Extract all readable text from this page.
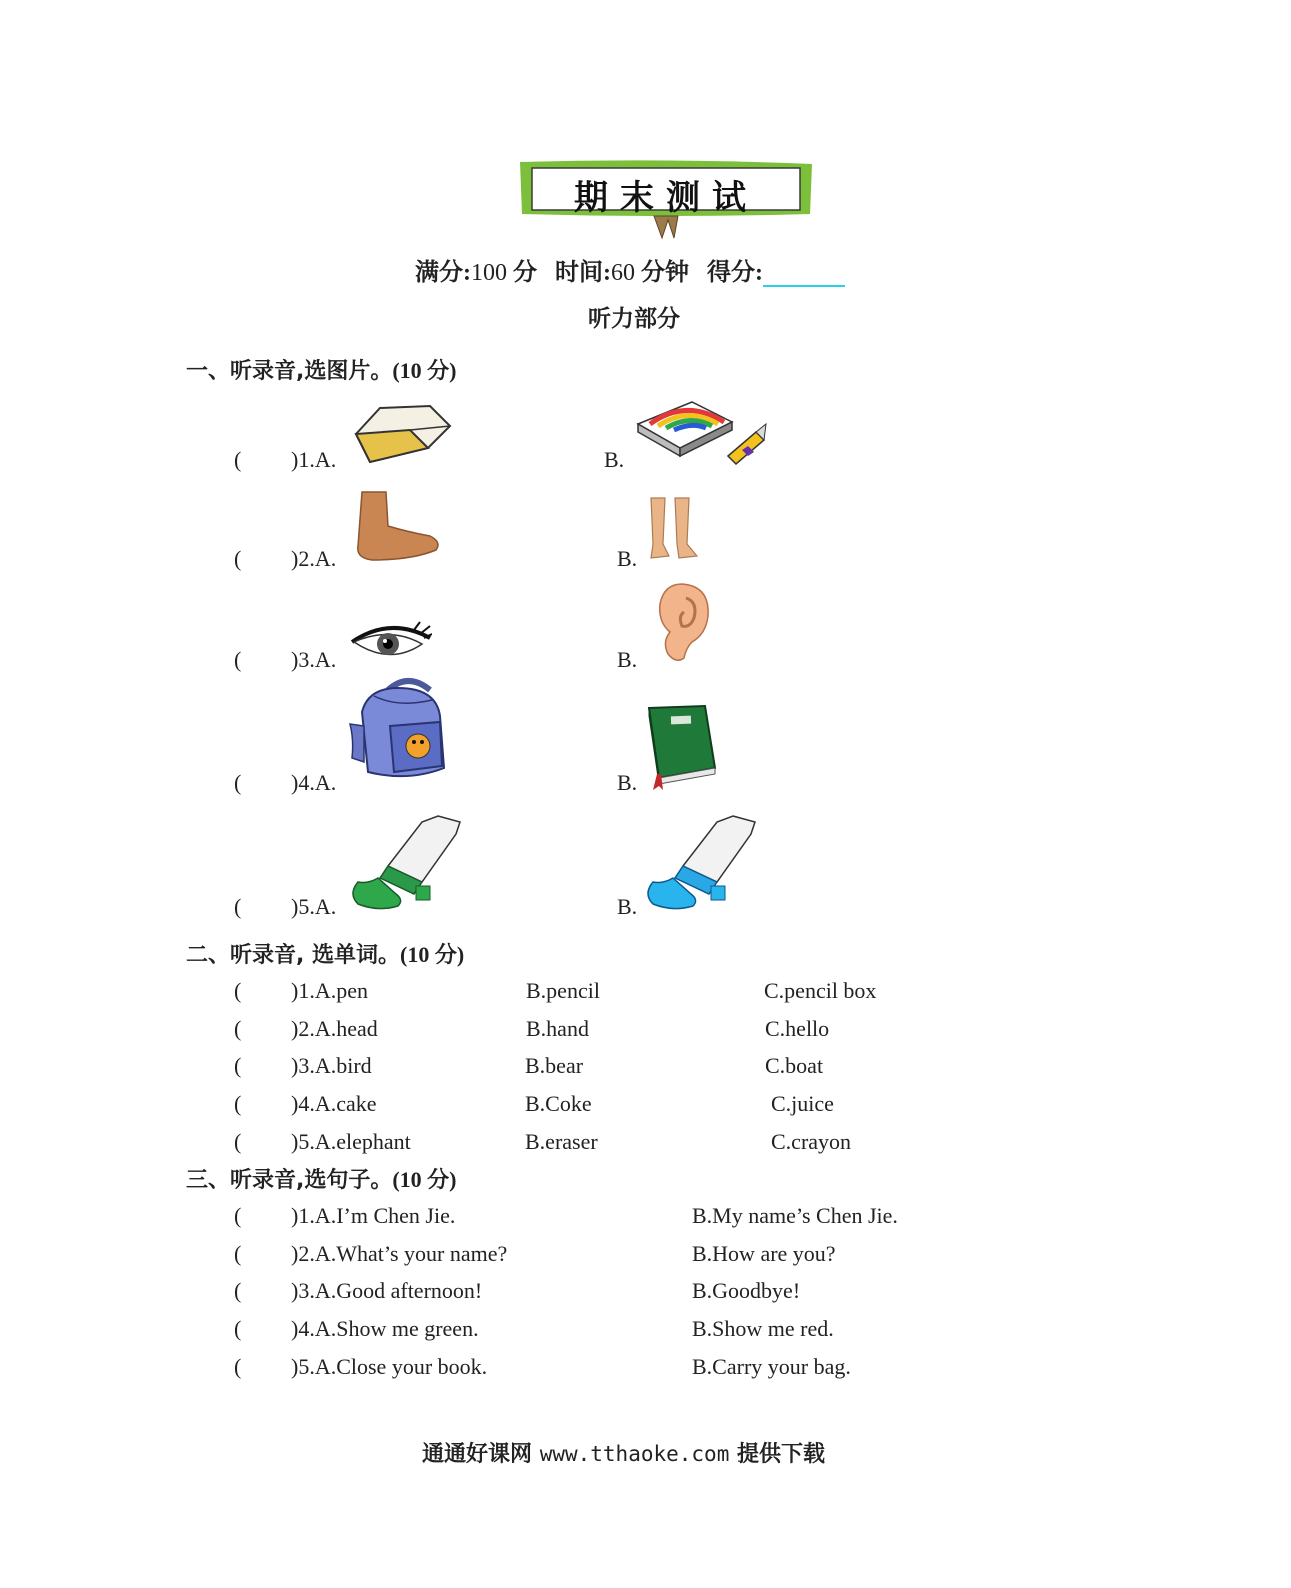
期末测试
满分:100 分 时间:60 分钟 得分:
听力部分
一、听录音,选图片。(10 分)
( )1.A.	B.
( )2.A.	B.
( )3.A.	B.
( )4.A.	B.
( )5.A.	B.
二、听录音, 选单词。(10 分)
( )1.A.pen	B.pencil	C.pencil box
( )2.A.head	B.hand	C.hello
( )3.A.bird	B.bear	C.boat
( )4.A.cake	B.Coke	C.juice
( )5.A.elephant	B.eraser	C.crayon
三、听录音,选句子。(10 分)
( )1.A.I’m Chen Jie.	B.My name’s Chen Jie.
( )2.A.What’s your name?	B.How are you?
( )3.A.Good afternoon!	B.Goodbye!
( )4.A.Show me green.	B.Show me red.
( )5.A.Close your book.	B.Carry your bag.
通通好课网 www.tthaoke.com 提供下载
